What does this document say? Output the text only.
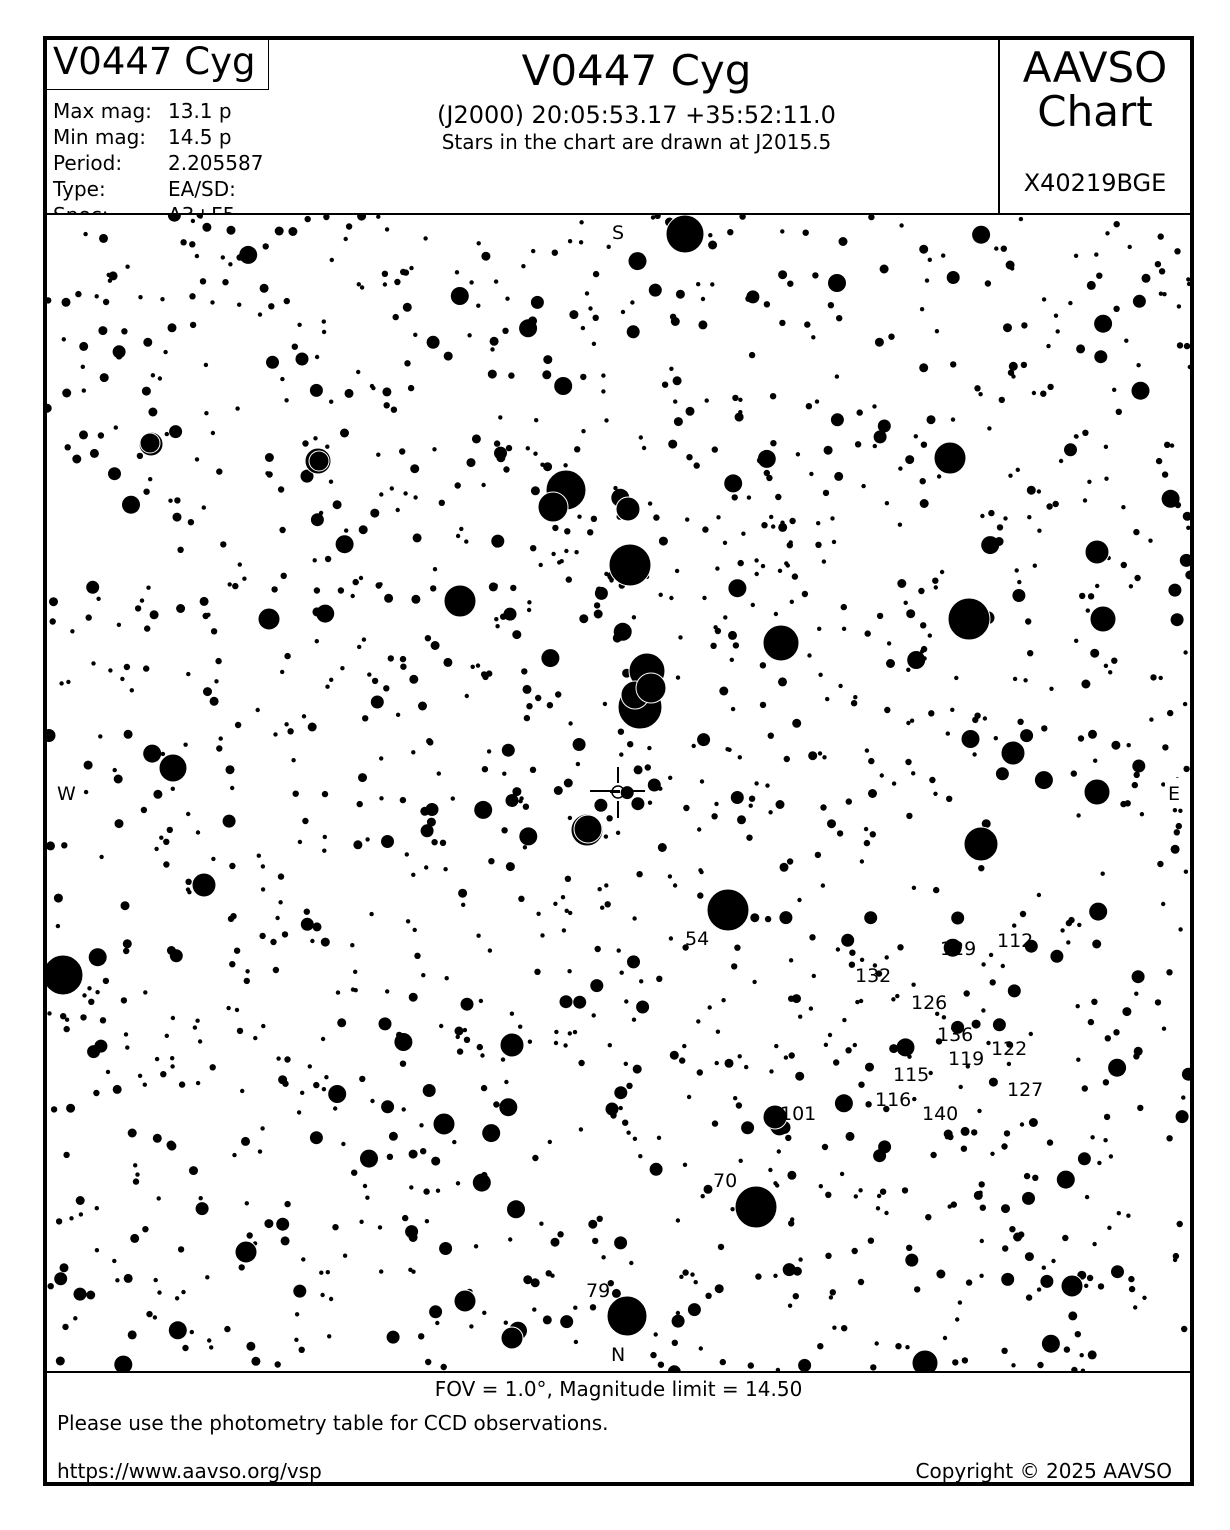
V0447 Cyg
Max mag: 13.1 p
Min mag:	14.5 p
Period:	2.205587
Type:	EA/SD:
V0447 Cyg
(J2000) 20:05:53.17 +35:52:11.0
Stars in the chart are drawn at J2015.5
AAVSO
Chart
X40219BGE
S
W	E
N
54	129 112
132
126
136
122
119
115
127
116
140
101
70
79
FOV = 1.0°, Magnitude limit = 14.50
Please use the photometry table for CCD observations.
https://www.aavso.org/vsp	Copyright © 2025 AAVSO
